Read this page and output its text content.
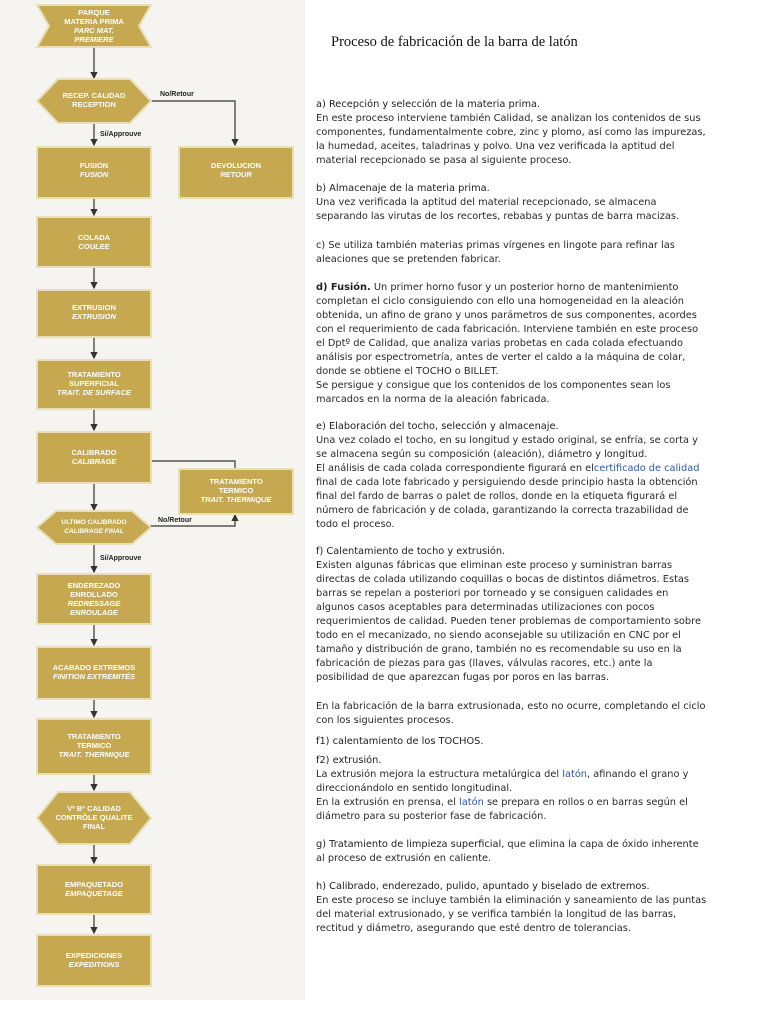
PARQUE
MATERIA PRIMA
PARC MAT.
PREMIERE
RECEP. CALIDAD
RECEPTION
No/Retour
Si/Approuve
FUSION
FUSION
DEVOLUCION
RETOUR
COLADA
COULEE
EXTRUSION
EXTRUSION
TRATAMIENTO
SUPERFICIAL
TRAIT. DE SURFACE
CALIBRADO
CALIBRAGE
TRATAMIENTO
TERMICO
TRAIT. THERMIQUE
ULTIMO CALIBRADO
CALIBRAGE FINAL
No/Retour
Si/Approuve
ENDEREZADO
ENROLLADO
REDRESSAGE
ENROULAGE
ACABADO EXTREMOS
FINITION EXTREMITÉS
TRATAMIENTO
TERMICO
TRAIT. THERMIQUE
Vº Bº CALIDAD
CONTRÔLE QUALITE
FINAL
EMPAQUETADO
EMPAQUETAGE
EXPEDICIONES
EXPEDITIONS
Proceso de fabricación de la barra de latón
a) Recepción y selección de la materia prima.
En este proceso interviene también Calidad, se analizan los contenidos de sus componentes, fundamentalmente cobre, zinc y plomo, así como las impurezas, la humedad, aceites, taladrinas y polvo. Una vez verificada la aptitud del material recepcionado se pasa al siguiente proceso.
b) Almacenaje de la materia prima.
Una vez verificada la aptitud del material recepcionado, se almacena separando las virutas de los recortes, rebabas y puntas de barra macizas.
c) Se utiliza también materias primas vírgenes en lingote para refinar las aleaciones que se pretenden fabricar.
d) Fusión. Un primer horno fusor y un posterior horno de mantenimiento completan el ciclo consiguiendo con ello una homogeneidad en la aleación obtenida, un afino de grano y unos parámetros de sus componentes, acordes con el requerimiento de cada fabricación. Interviene también en este proceso el Dptº de Calidad, que analiza varias probetas en cada colada efectuando análisis por espectrometría, antes de verter el caldo a la máquina de colar, donde se obtiene el TOCHO o BILLET.
Se persigue y consigue que los contenidos de los componentes sean los marcados en la norma de la aleación fabricada.
e) Elaboración del tocho, selección y almacenaje.
Una vez colado el tocho, en su longitud y estado original, se enfría, se corta y se almacena según su composición (aleación), diámetro y longitud.
El análisis de cada colada correspondiente figurará en elcertificado de calidad final de cada lote fabricado y persiguiendo desde principio hasta la obtención final del fardo de barras o palet de rollos, donde en la etiqueta figurará el número de fabricación y de colada, garantizando la correcta trazabilidad de todo el proceso.
f) Calentamiento de tocho y extrusión.
Existen algunas fábricas que eliminan este proceso y suministran barras directas de colada utilizando coquillas o bocas de distintos diámetros. Estas barras se repelan a posteriori por torneado y se consiguen calidades en algunos casos aceptables para determinadas utilizaciones con pocos requerimientos de calidad. Pueden tener problemas de comportamiento sobre todo en el mecanizado, no siendo aconsejable su utilización en CNC por el tamaño y distribución de grano, también no es recomendable su uso en la fabricación de piezas para gas (llaves, válvulas racores, etc.) ante la posibilidad de que aparezcan fugas por poros en las barras.
En la fabricación de la barra extrusionada, esto no ocurre, completando el ciclo con los siguientes procesos.
f1) calentamiento de los TOCHOS.
f2) extrusión.
La extrusión mejora la estructura metalúrgica del latón, afinando el grano y direccionándolo en sentido longitudinal.
En la extrusión en prensa, el latón se prepara en rollos o en barras según el diámetro para su posterior fase de fabricación.
g) Tratamiento de limpieza superficial, que elimina la capa de óxido inherente al proceso de extrusión en caliente.
h) Calibrado, enderezado, pulido, apuntado y biselado de extremos.
En este proceso se incluye también la eliminación y saneamiento de las puntas del material extrusionado, y se verifica también la longitud de las barras, rectitud y diámetro, asegurando que esté dentro de tolerancias.
